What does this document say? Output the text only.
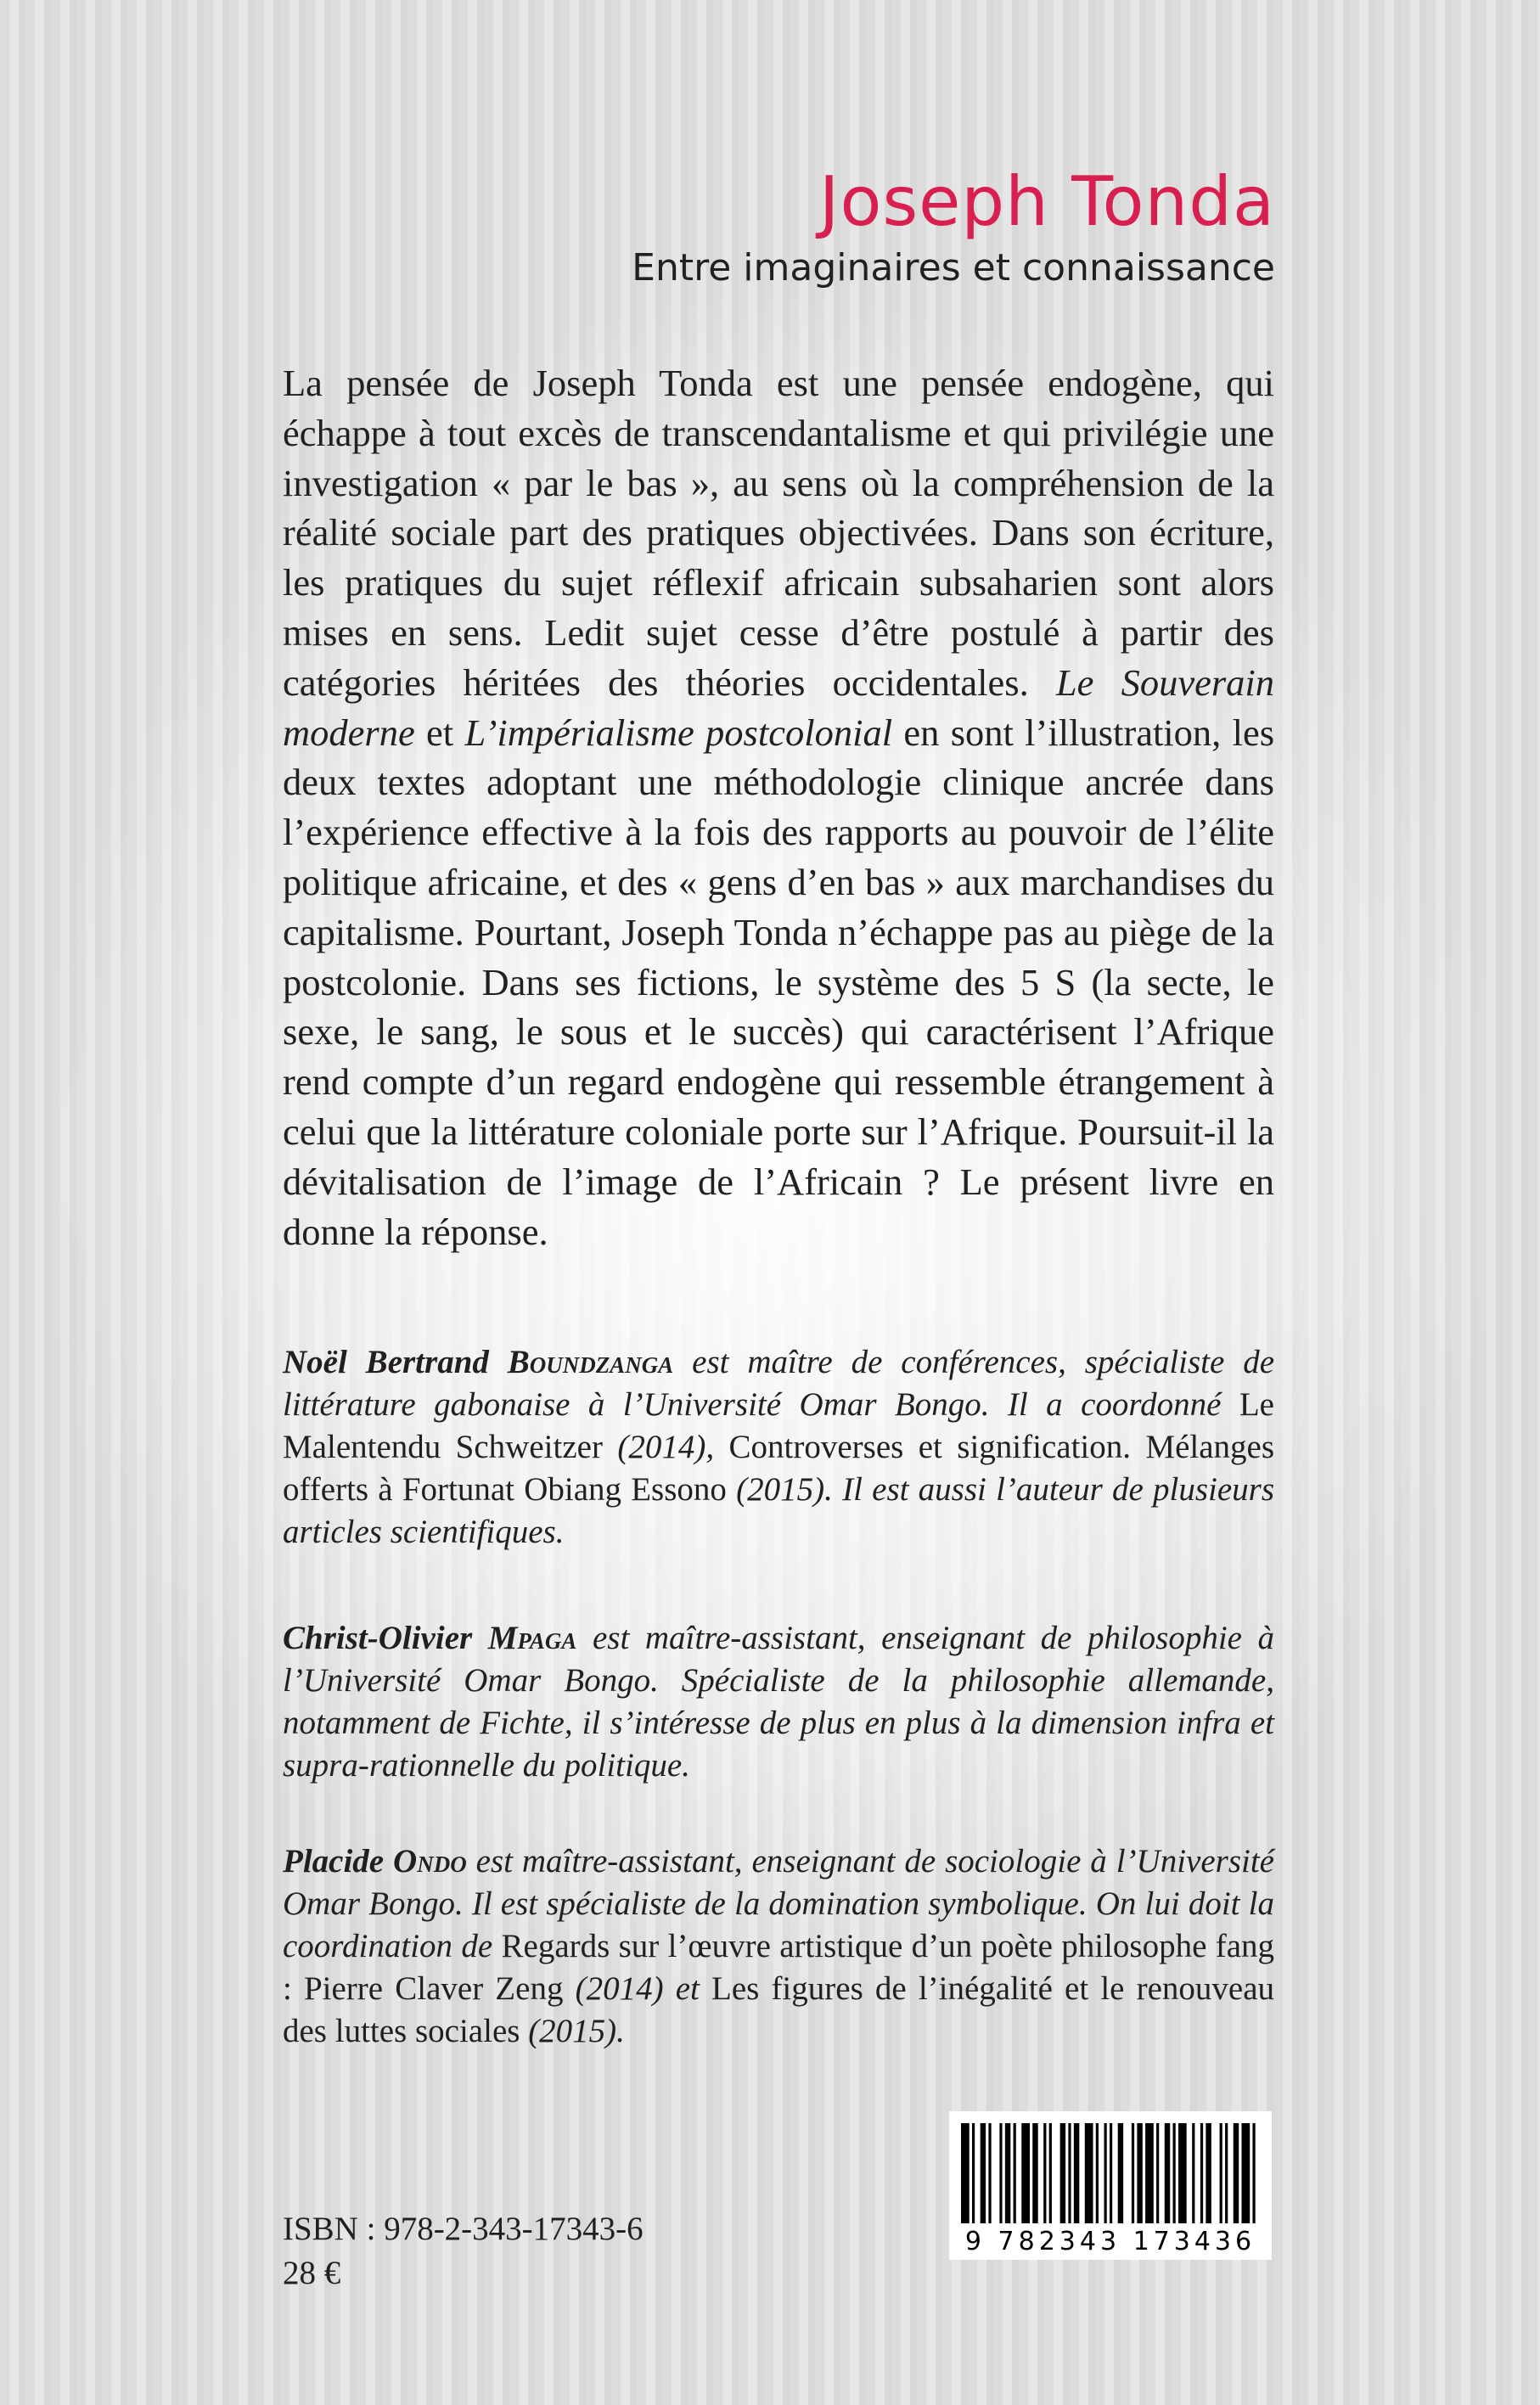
Joseph Tonda
Entre imaginaires et connaissance

La pensée de Joseph Tonda est une pensée endogène, qui échappe à tout excès de transcendantalisme et qui privilégie une investigation « par le bas », au sens où la compréhension de la réalité sociale part des pratiques objectivées. Dans son écriture, les pratiques du sujet réflexif africain subsaharien sont alors mises en sens. Ledit sujet cesse d’être postulé à partir des catégories héritées des théories occidentales. Le Souverain moderne et L’impérialisme postcolonial en sont l’illustration, les deux textes adoptant une méthodologie clinique ancrée dans l’expérience effective à la fois des rapports au pouvoir de l’élite politique africaine, et des « gens d’en bas » aux marchandises du capitalisme. Pourtant, Joseph Tonda n’échappe pas au piège de la postcolonie. Dans ses fictions, le système des 5 S (la secte, le sexe, le sang, le sous et le succès) qui caractérisent l’Afrique rend compte d’un regard endogène qui ressemble étrangement à celui que la littérature coloniale porte sur l’Afrique. Poursuit-il la dévitalisation de l’image de l’Africain ? Le présent livre en donne la réponse.

Noël Bertrand Boundzanga est maître de conférences, spécialiste de littérature gabonaise à l’Université Omar Bongo. Il a coordonné Le Malentendu Schweitzer (2014), Controverses et signification. Mélanges offerts à Fortunat Obiang Essono (2015). Il est aussi l’auteur de plusieurs articles scientifiques.

Christ-Olivier Mpaga est maître-assistant, enseignant de philosophie à l’Université Omar Bongo. Spécialiste de la philosophie allemande, notamment de Fichte, il s’intéresse de plus en plus à la dimension infra et supra-rationnelle du politique.

Placide Ondo est maître-assistant, enseignant de sociologie à l’Université Omar Bongo. Il est spécialiste de la domination symbolique. On lui doit la coordination de Regards sur l’œuvre artistique d’un poète philosophe fang : Pierre Claver Zeng (2014) et Les figures de l’inégalité et le renouveau des luttes sociales (2015).

ISBN : 978-2-343-17343-6
28 €
9 782343 173436
